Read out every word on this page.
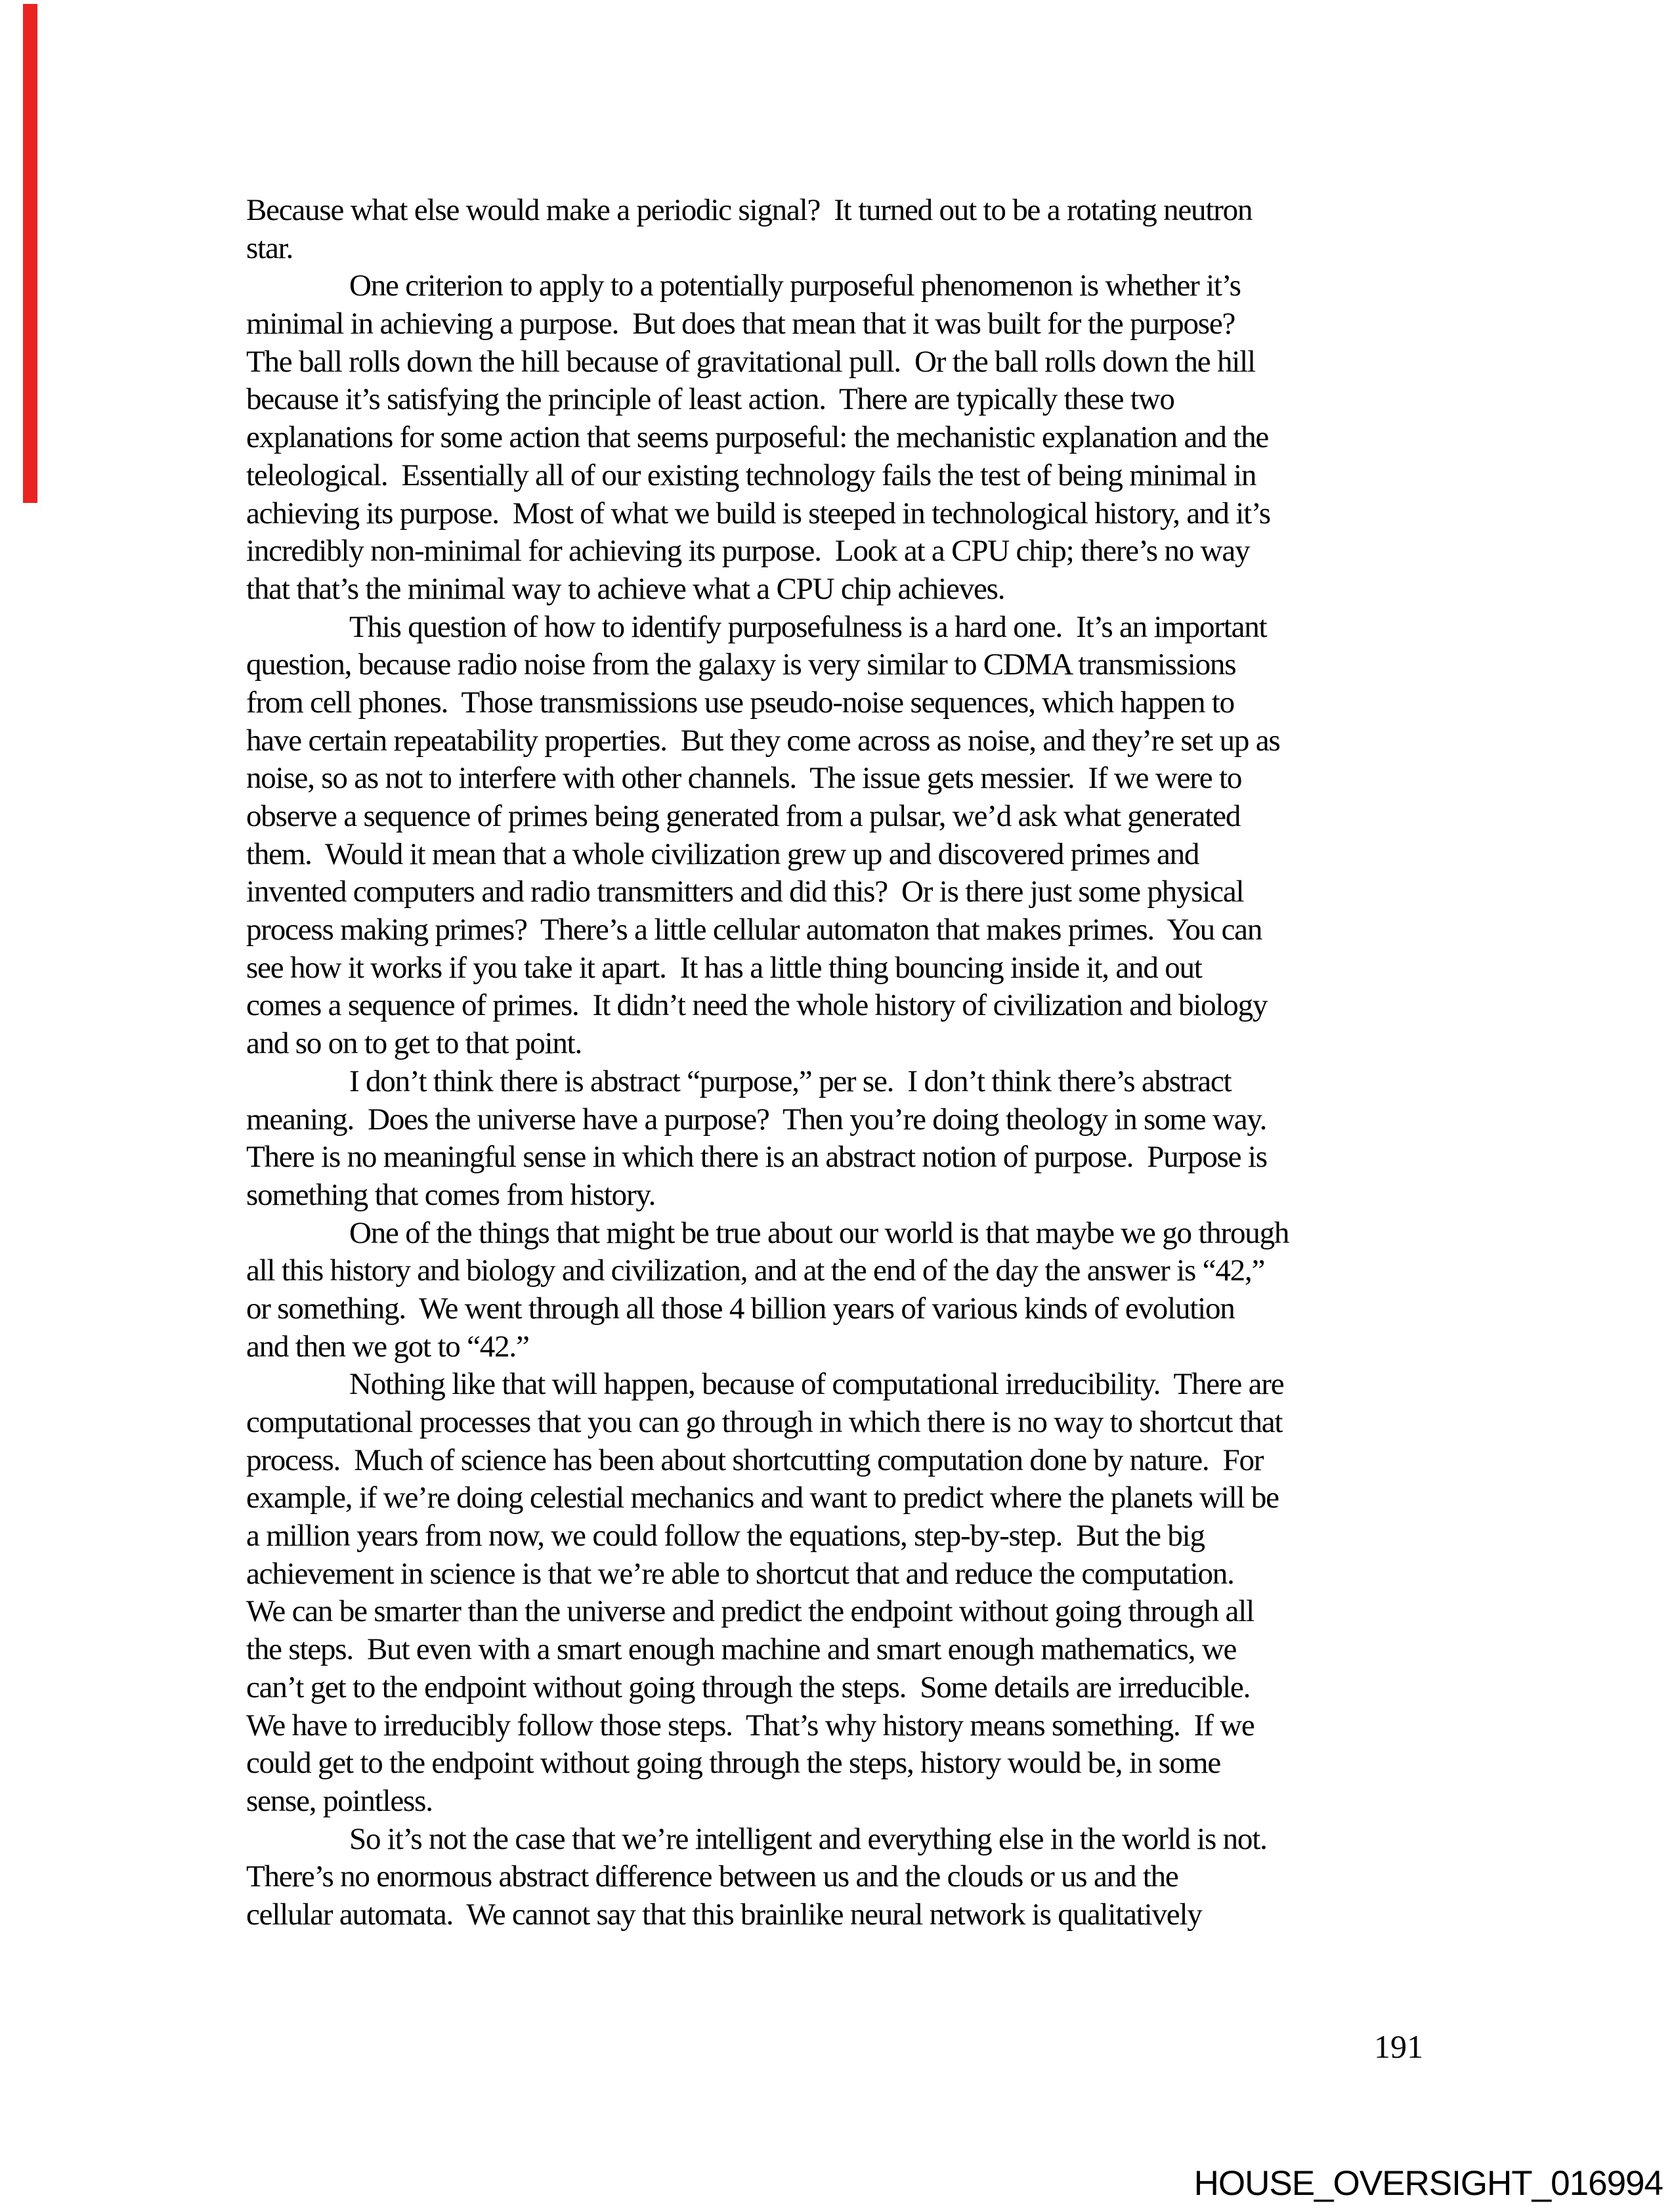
Because what else would make a periodic signal?  It turned out to be a rotating neutron
star.
One criterion to apply to a potentially purposeful phenomenon is whether it’s
minimal in achieving a purpose.  But does that mean that it was built for the purpose?
The ball rolls down the hill because of gravitational pull.  Or the ball rolls down the hill
because it’s satisfying the principle of least action.  There are typically these two
explanations for some action that seems purposeful: the mechanistic explanation and the
teleological.  Essentially all of our existing technology fails the test of being minimal in
achieving its purpose.  Most of what we build is steeped in technological history, and it’s
incredibly non-minimal for achieving its purpose.  Look at a CPU chip; there’s no way
that that’s the minimal way to achieve what a CPU chip achieves.
This question of how to identify purposefulness is a hard one.  It’s an important
question, because radio noise from the galaxy is very similar to CDMA transmissions
from cell phones.  Those transmissions use pseudo-noise sequences, which happen to
have certain repeatability properties.  But they come across as noise, and they’re set up as
noise, so as not to interfere with other channels.  The issue gets messier.  If we were to
observe a sequence of primes being generated from a pulsar, we’d ask what generated
them.  Would it mean that a whole civilization grew up and discovered primes and
invented computers and radio transmitters and did this?  Or is there just some physical
process making primes?  There’s a little cellular automaton that makes primes.  You can
see how it works if you take it apart.  It has a little thing bouncing inside it, and out
comes a sequence of primes.  It didn’t need the whole history of civilization and biology
and so on to get to that point.
I don’t think there is abstract “purpose,” per se.  I don’t think there’s abstract
meaning.  Does the universe have a purpose?  Then you’re doing theology in some way.
There is no meaningful sense in which there is an abstract notion of purpose.  Purpose is
something that comes from history.
One of the things that might be true about our world is that maybe we go through
all this history and biology and civilization, and at the end of the day the answer is “42,”
or something.  We went through all those 4 billion years of various kinds of evolution
and then we got to “42.”
Nothing like that will happen, because of computational irreducibility.  There are
computational processes that you can go through in which there is no way to shortcut that
process.  Much of science has been about shortcutting computation done by nature.  For
example, if we’re doing celestial mechanics and want to predict where the planets will be
a million years from now, we could follow the equations, step-by-step.  But the big
achievement in science is that we’re able to shortcut that and reduce the computation.
We can be smarter than the universe and predict the endpoint without going through all
the steps.  But even with a smart enough machine and smart enough mathematics, we
can’t get to the endpoint without going through the steps.  Some details are irreducible.
We have to irreducibly follow those steps.  That’s why history means something.  If we
could get to the endpoint without going through the steps, history would be, in some
sense, pointless.
So it’s not the case that we’re intelligent and everything else in the world is not.
There’s no enormous abstract difference between us and the clouds or us and the
cellular automata.  We cannot say that this brainlike neural network is qualitatively
191
HOUSE_OVERSIGHT_016994
